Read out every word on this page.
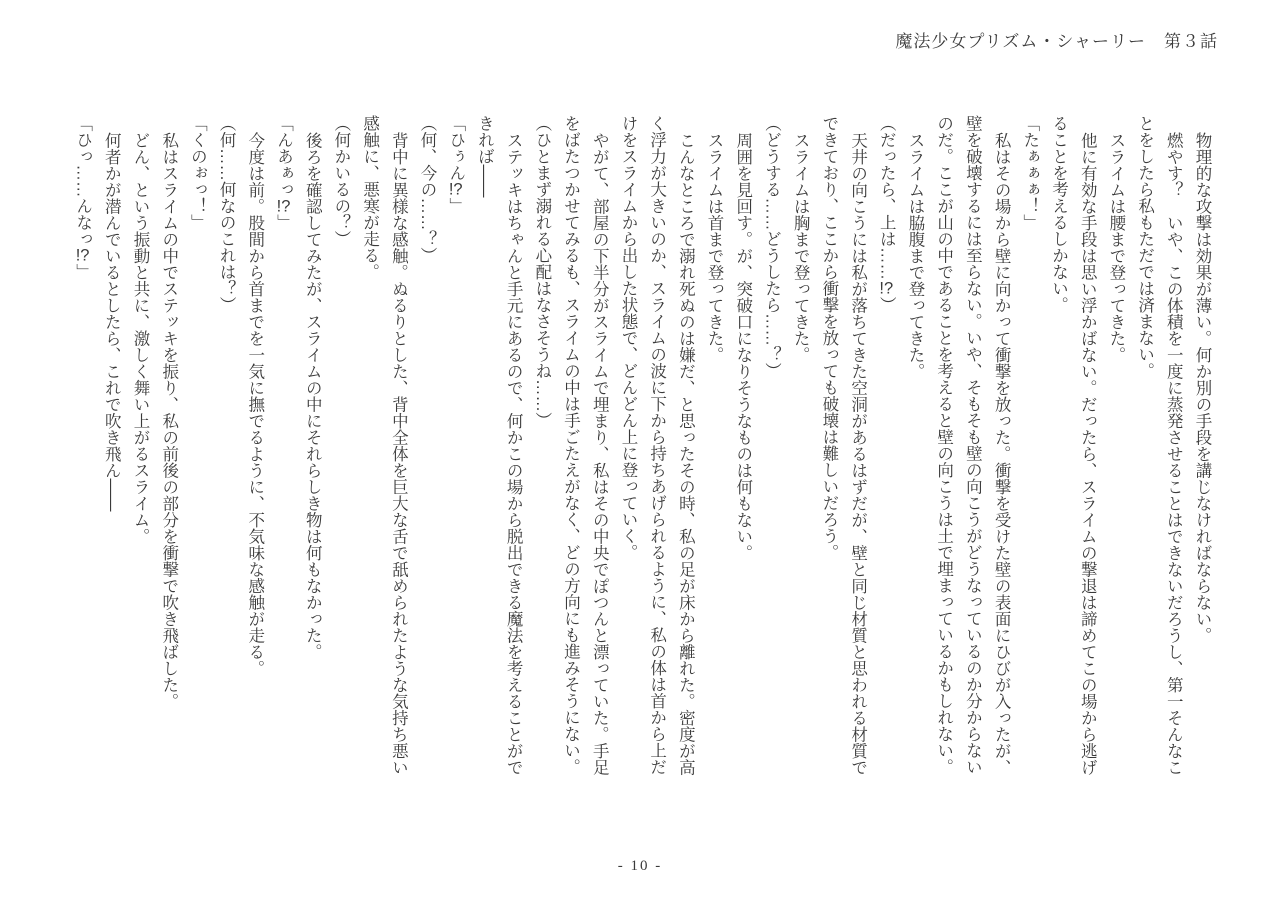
魔法少女プリズム・シャーリー　第３話

物理的な攻撃は効果が薄い。何か別の手段を講じなければならない。

燃やす？　いや、この体積を一度に蒸発させることはできないだろうし、第一そんなことをしたら私もただでは済まない。

スライムは腰まで登ってきた。

他に有効な手段は思い浮かばない。だったら、スライムの撃退は諦めてこの場から逃げることを考えるしかない。

「たぁぁぁ！」

私はその場から壁に向かって衝撃を放った。衝撃を受けた壁の表面にひびが入ったが、壁を破壊するには至らない。いや、そもそも壁の向こうがどうなっているのか分からないのだ。ここが山の中であることを考えると壁の向こうは土で埋まっているかもしれない。

スライムは脇腹まで登ってきた。

（だったら、上は……!?）

天井の向こうには私が落ちてきた空洞があるはずだが、壁と同じ材質と思われる材質でできており、ここから衝撃を放っても破壊は難しいだろう。

スライムは胸まで登ってきた。

（どうする……どうしたら……？）

周囲を見回す。が、突破口になりそうなものは何もない。

スライムは首まで登ってきた。

こんなところで溺れ死ぬのは嫌だ、と思ったその時、私の足が床から離れた。密度が高く浮力が大きいのか、スライムの波に下から持ちあげられるように、私の体は首から上だけをスライムから出した状態で、どんどん上に登っていく。

やがて、部屋の下半分がスライムで埋まり、私はその中央でぽつんと漂っていた。手足をばたつかせてみるも、スライムの中は手ごたえがなく、どの方向にも進みそうにない。

（ひとまず溺れる心配はなさそうね……）

ステッキはちゃんと手元にあるので、何かこの場から脱出できる魔法を考えることができれば――

「ひぅん!?」

（何、今の……？）

背中に異様な感触。ぬるりとした、背中全体を巨大な舌で舐められたような気持ち悪い感触に、悪寒が走る。

（何かいるの？）

後ろを確認してみたが、スライムの中にそれらしき物は何もなかった。

「んあぁっ!?」

今度は前。股間から首までを一気に撫でるように、不気味な感触が走る。

（何……何なのこれは？）

「くのぉっ！」

私はスライムの中でステッキを振り、私の前後の部分を衝撃で吹き飛ばした。

どん、という振動と共に、激しく舞い上がるスライム。

何者かが潜んでいるとしたら、これで吹き飛ん――

「ひっ……んなっ!?」

- 10 -
